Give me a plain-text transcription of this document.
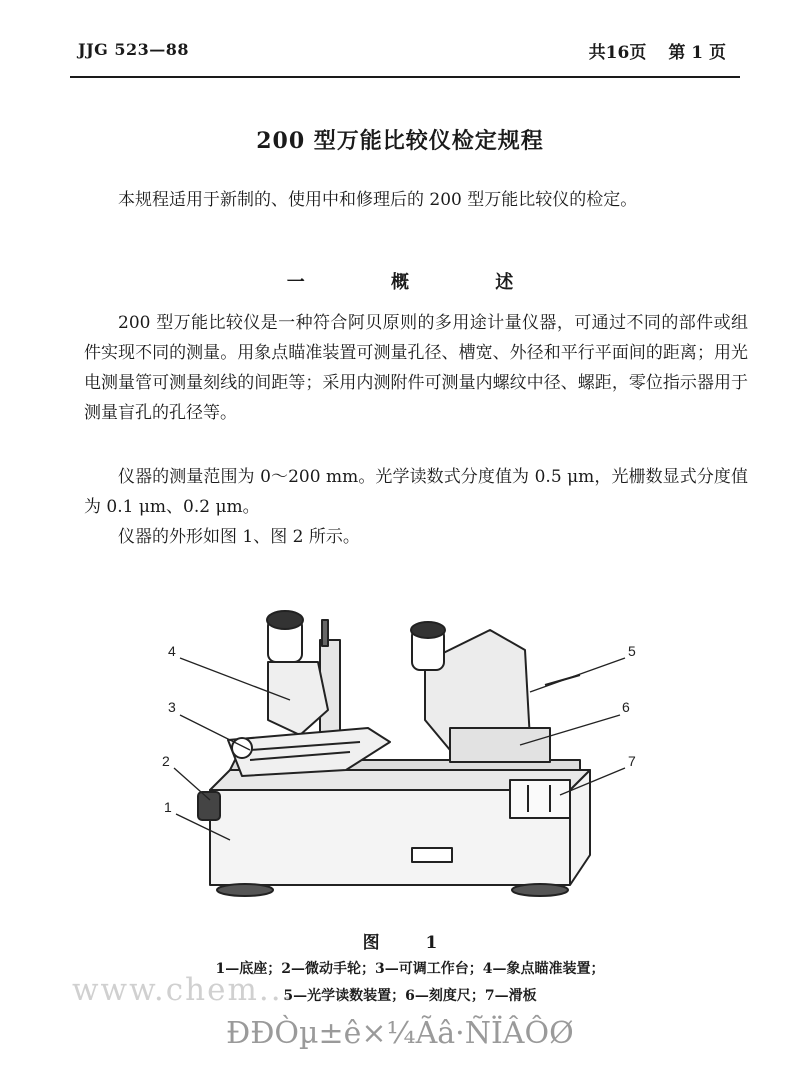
JJG 523—88	共16页 第 1 页
200 型万能比较仪检定规程
本规程适用于新制的、使用中和修理后的 200 型万能比较仪的检定。
一 概 述
200 型万能比较仪是一种符合阿贝原则的多用途计量仪器，可通过不同的部件或组件实现不同的测量。用象点瞄准装置可测量孔径、槽宽、外径和平行平面间的距离；用光电测量管可测量刻线的间距等；采用内测附件可测量内螺纹中径、螺距，零位指示器用于测量盲孔的孔径等。
仪器的测量范围为 0～200 mm。光学读数式分度值为 0.5 μm，光栅数显式分度值为 0.1 μm、0.2 μm。
仪器的外形如图 1、图 2 所示。
4
3
2
1
5
6
7
图 1
1—底座；2—微动手轮；3—可调工作台；4—象点瞄准装置；
5—光学读数装置；6—刻度尺；7—滑板
www.chem...
ÐÐÒµ±ê×¼Ãâ·ÑÏÂÔØ
